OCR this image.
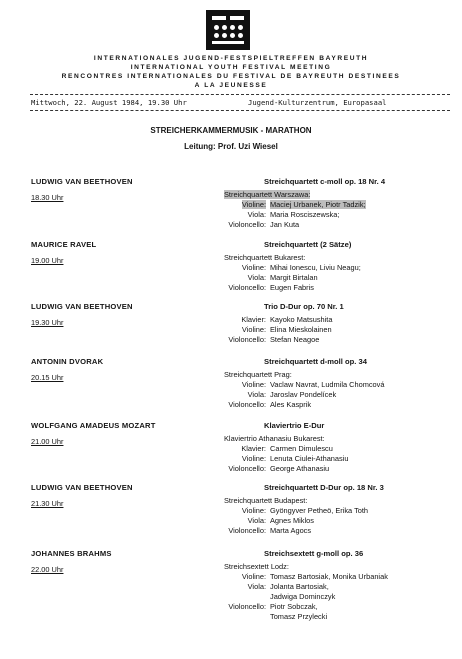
INTERNATIONALES JUGEND-FESTSPIELTREFFEN BAYREUTH
INTERNATIONAL YOUTH FESTIVAL MEETING
RENCONTRES INTERNATIONALES DU FESTIVAL DE BAYREUTH DESTINEES
A LA JEUNESSE
Mittwoch, 22. August 1984, 19.30 Uhr	Jugend-Kulturzentrum, Europasaal
STREICHERKAMMERMUSIK - MARATHON
Leitung: Prof. Uzi Wiesel
LUDWIG VAN BEETHOVEN
18.30 Uhr
Streichquartett c-moll op. 18 Nr. 4
Streichquartett Warszawa:
Violine: Maciej Urbanek, Piotr Tadzik;
Viola: Maria Rosciszewska;
Violoncello: Jan Kuta
MAURICE RAVEL
19.00 Uhr
Streichquartett (2 Sätze)
Streichquartett Bukarest:
Violine: Mihai Ionescu, Liviu Neagu;
Viola: Margit Birtalan
Violoncello: Eugen Fabris
LUDWIG VAN BEETHOVEN
19.30 Uhr
Trio D-Dur op. 70 Nr. 1
Klavier: Kayoko Matsushita
Violine: Elina Mieskolainen
Violoncello: Stefan Neagoe
ANTONIN DVORAK
20.15 Uhr
Streichquartett d-moll op. 34
Streichquartett Prag:
Violine: Vaclaw Navrat, Ludmila Chomcová
Viola: Jaroslav Pondelícek
Violoncello: Ales Kasprik
WOLFGANG AMADEUS MOZART
21.00 Uhr
Klaviertrio E-Dur
Klaviertrio Athanasiu Bukarest:
Klavier: Carmen Dimulescu
Violine: Lenuta Ciulei-Athanasiu
Violoncello: George Athanasiu
LUDWIG VAN BEETHOVEN
21.30 Uhr
Streichquartett D-Dur op. 18 Nr. 3
Streichquartett Budapest:
Violine: Gyöngyver Petheö, Erika Toth
Viola: Agnes Miklos
Violoncello: Marta Agocs
JOHANNES BRAHMS
22.00 Uhr
Streichsextett g-moll op. 36
Streichsextett Lodz:
Violine: Tomasz Bartosiak, Monika Urbaniak
Viola: Jolanta Bartosiak,
Jadwiga Dominczyk
Violoncello: Piotr Sobczak,
Tomasz Przylecki
